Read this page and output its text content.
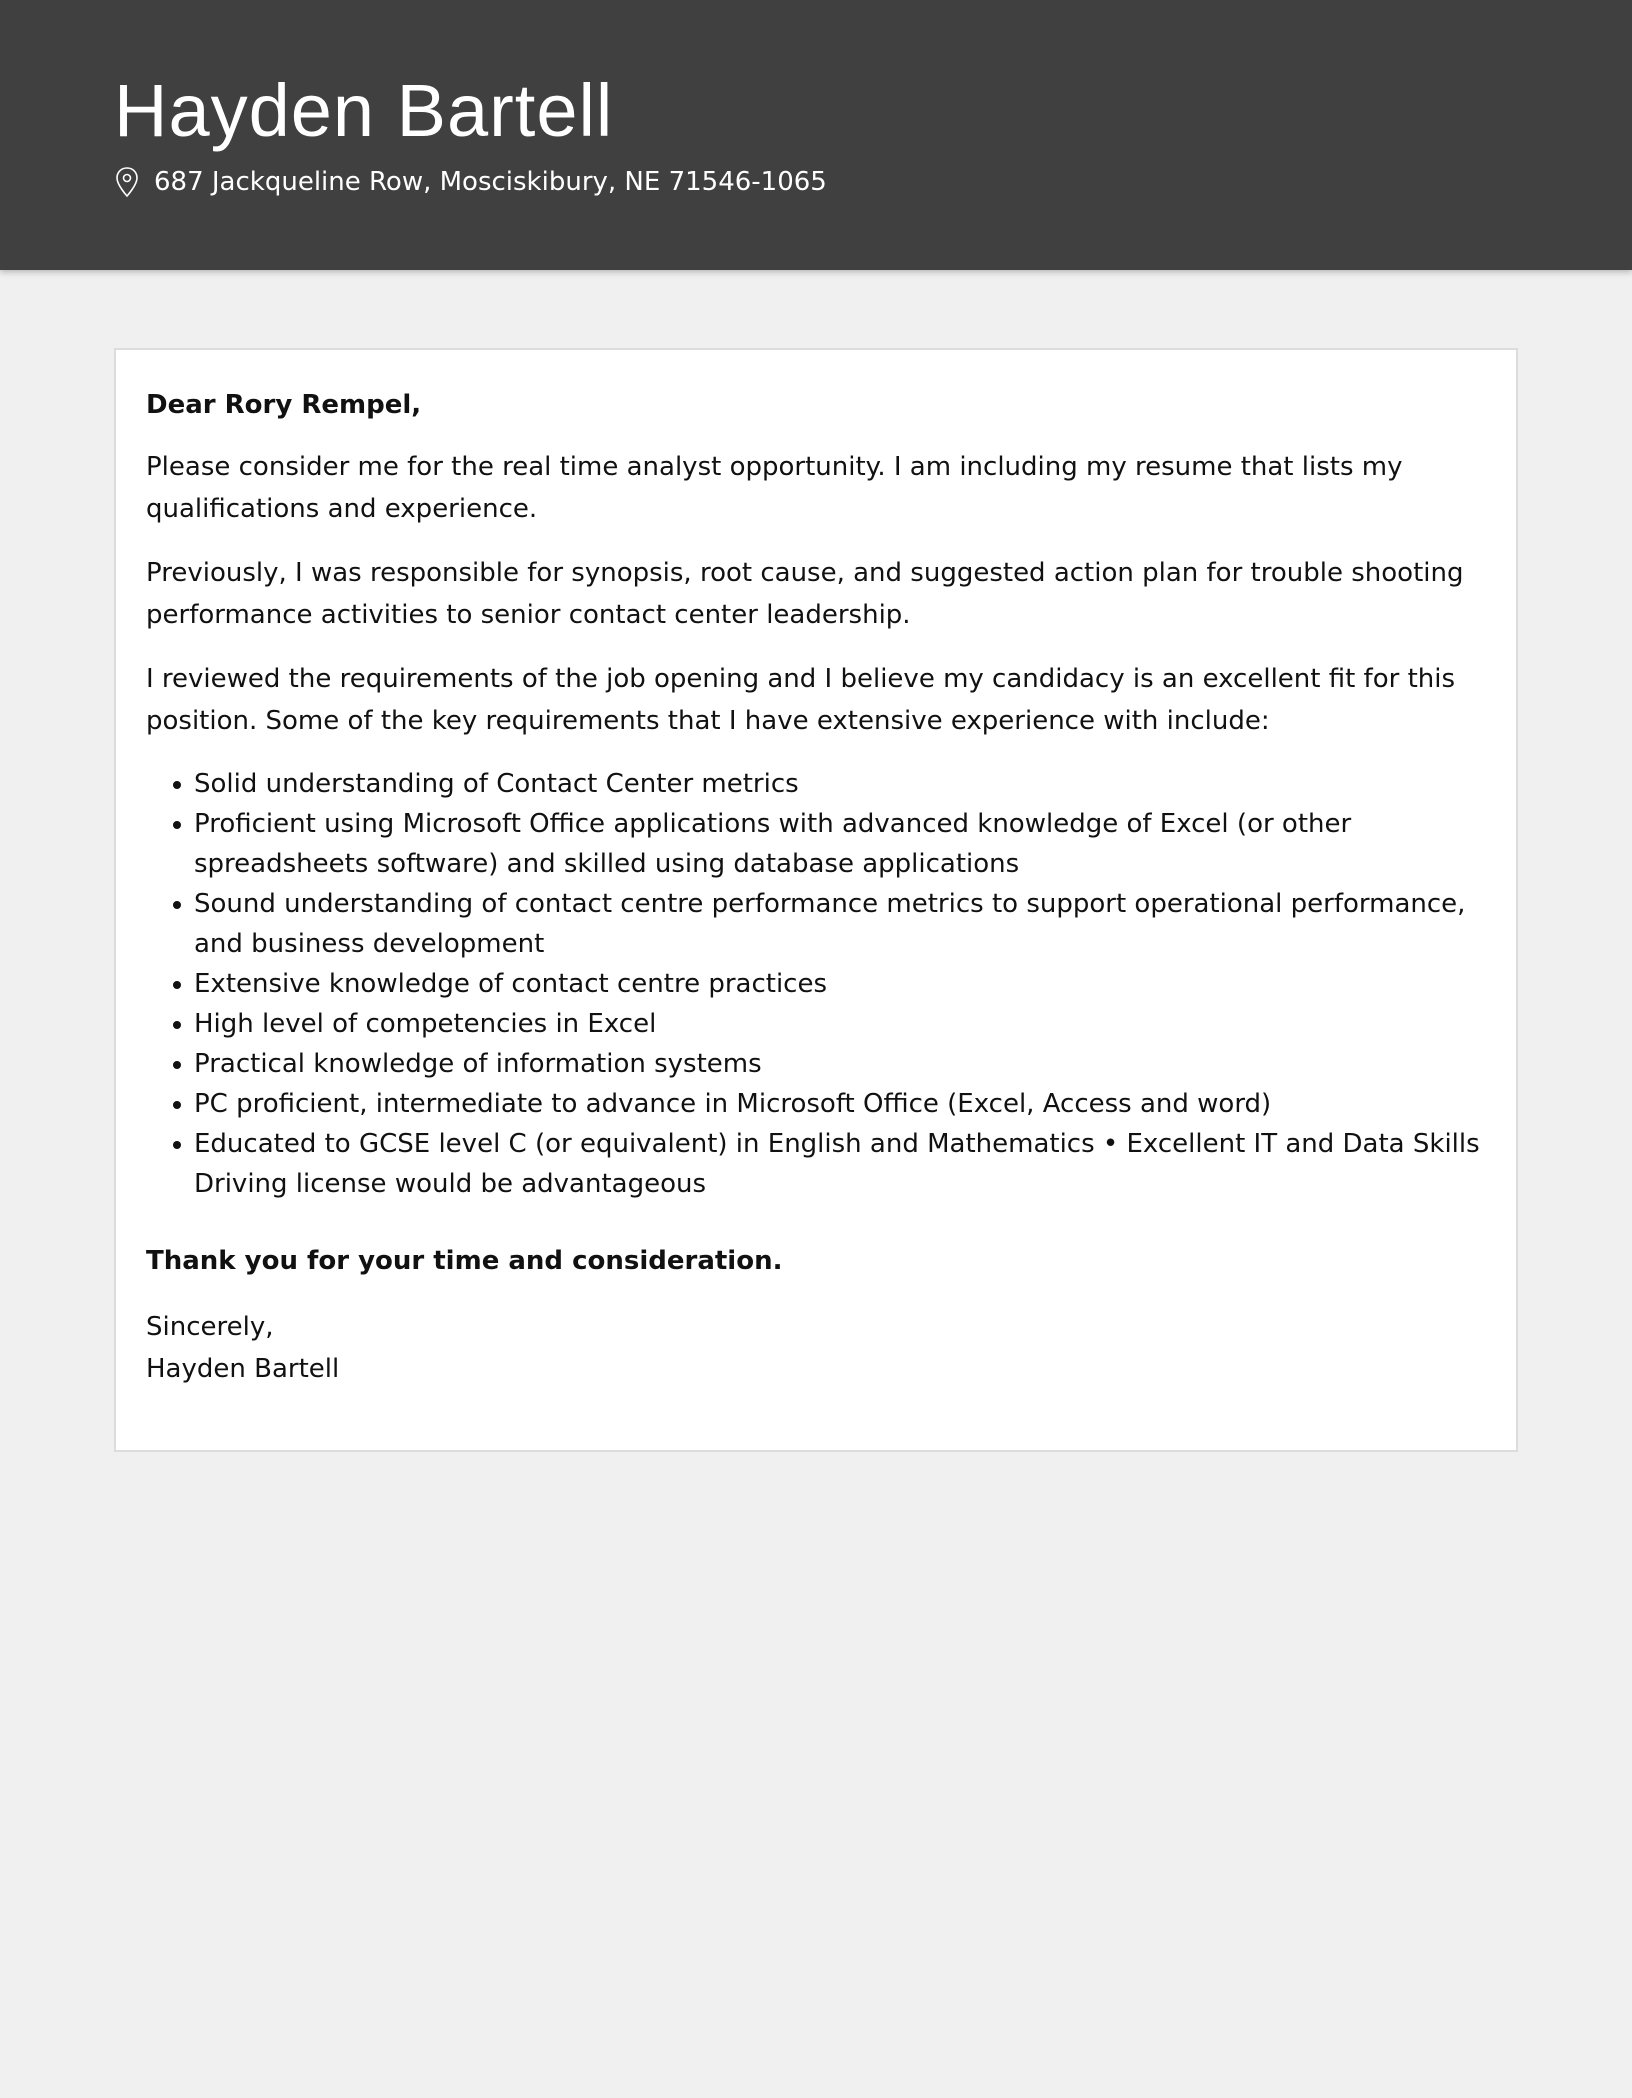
Hayden Bartell
687 Jackqueline Row, Mosciskibury, NE 71546-1065

Dear Rory Rempel,

Please consider me for the real time analyst opportunity. I am including my resume that lists my qualifications and experience.

Previously, I was responsible for synopsis, root cause, and suggested action plan for trouble shooting performance activities to senior contact center leadership.

I reviewed the requirements of the job opening and I believe my candidacy is an excellent fit for this position. Some of the key requirements that I have extensive experience with include:

Solid understanding of Contact Center metrics
Proficient using Microsoft Office applications with advanced knowledge of Excel (or other spreadsheets software) and skilled using database applications
Sound understanding of contact centre performance metrics to support operational performance, and business development
Extensive knowledge of contact centre practices
High level of competencies in Excel
Practical knowledge of information systems
PC proficient, intermediate to advance in Microsoft Office (Excel, Access and word)
Educated to GCSE level C (or equivalent) in English and Mathematics • Excellent IT and Data Skills Driving license would be advantageous

Thank you for your time and consideration.

Sincerely,
Hayden Bartell
